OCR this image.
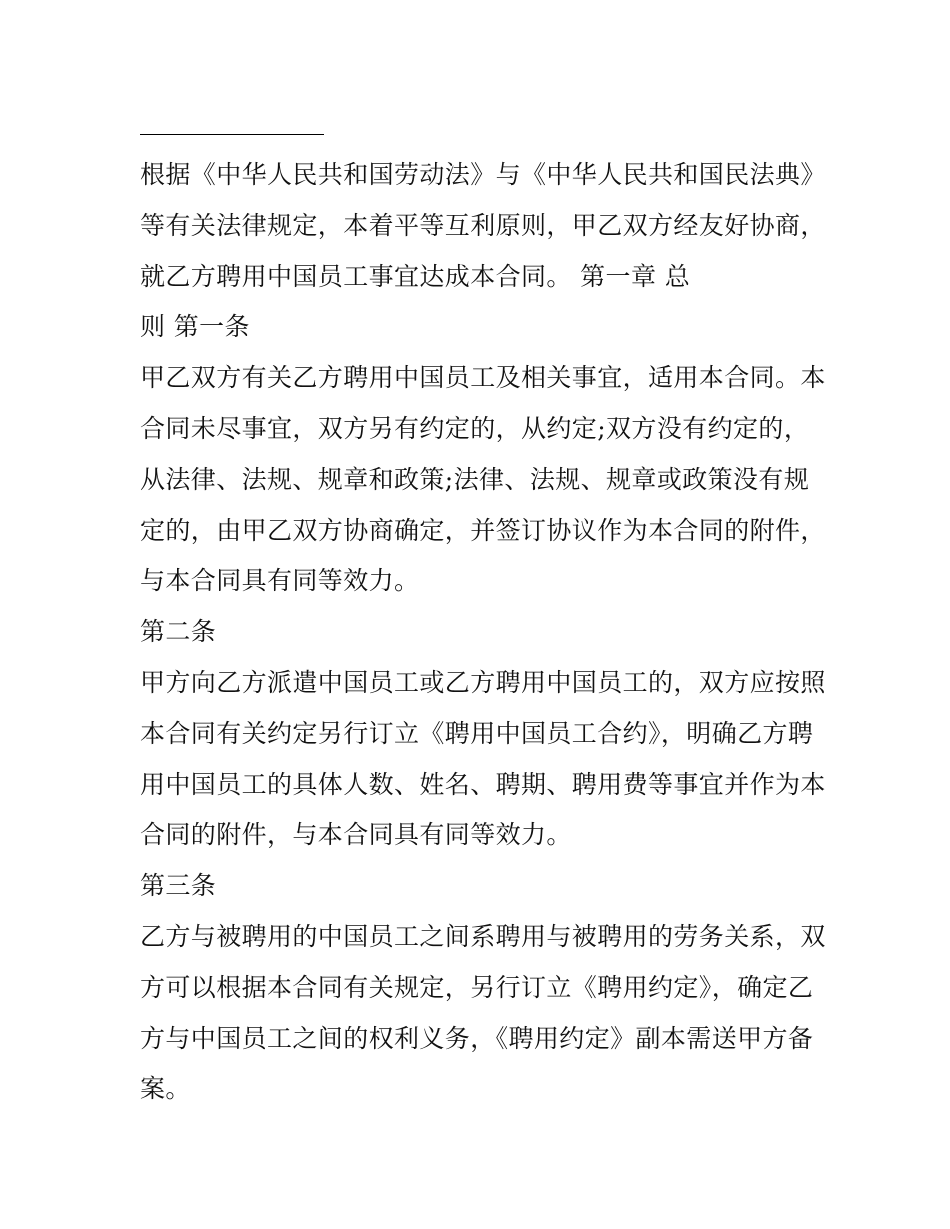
根据《中华人民共和国劳动法》与《中华人民共和国民法典》
等有关法律规定，本着平等互利原则，甲乙双方经友好协商，
就乙方聘用中国员工事宜达成本合同。 第一章 总
则 第一条
甲乙双方有关乙方聘用中国员工及相关事宜，适用本合同。本
合同未尽事宜，双方另有约定的，从约定;双方没有约定的，
从法律、法规、规章和政策;法律、法规、规章或政策没有规
定的，由甲乙双方协商确定，并签订协议作为本合同的附件，
与本合同具有同等效力。
第二条
甲方向乙方派遣中国员工或乙方聘用中国员工的，双方应按照
本合同有关约定另行订立《聘用中国员工合约》，明确乙方聘
用中国员工的具体人数、姓名、聘期、聘用费等事宜并作为本
合同的附件，与本合同具有同等效力。
第三条
乙方与被聘用的中国员工之间系聘用与被聘用的劳务关系，双
方可以根据本合同有关规定，另行订立《聘用约定》，确定乙
方与中国员工之间的权利义务，《聘用约定》副本需送甲方备
案。
